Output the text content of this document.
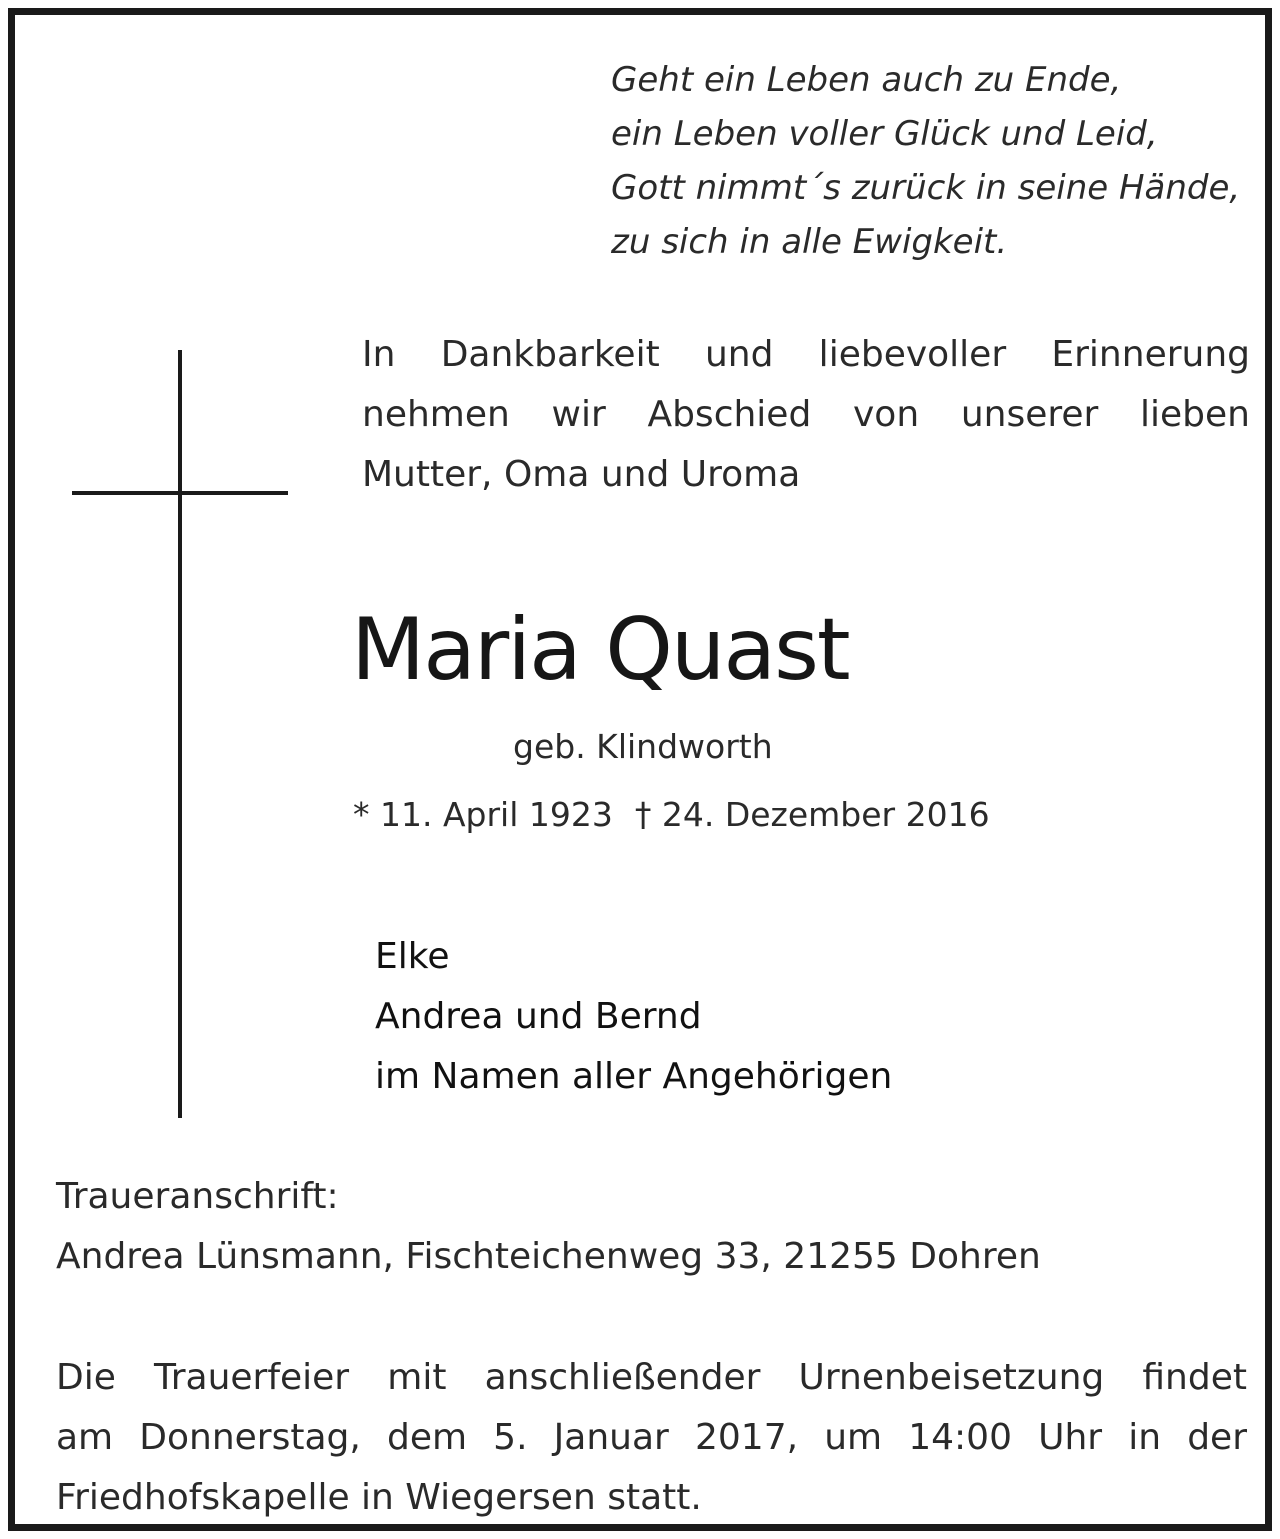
Geht ein Leben auch zu Ende,
ein Leben voller Glück und Leid,
Gott nimmt´s zurück in seine Hände,
zu sich in alle Ewigkeit.
In Dankbarkeit und liebevoller Erinnerung
nehmen wir Abschied von unserer lieben
Mutter, Oma und Uroma
Maria Quast
geb. Klindworth
* 11. April 1923 † 24. Dezember 2016
Elke
Andrea und Bernd
im Namen aller Angehörigen
Traueranschrift:
Andrea Lünsmann, Fischteichenweg 33, 21255 Dohren
Die Trauerfeier mit anschließender Urnenbeisetzung findet
am Donnerstag, dem 5. Januar 2017, um 14:00 Uhr in der
Friedhofskapelle in Wiegersen statt.
